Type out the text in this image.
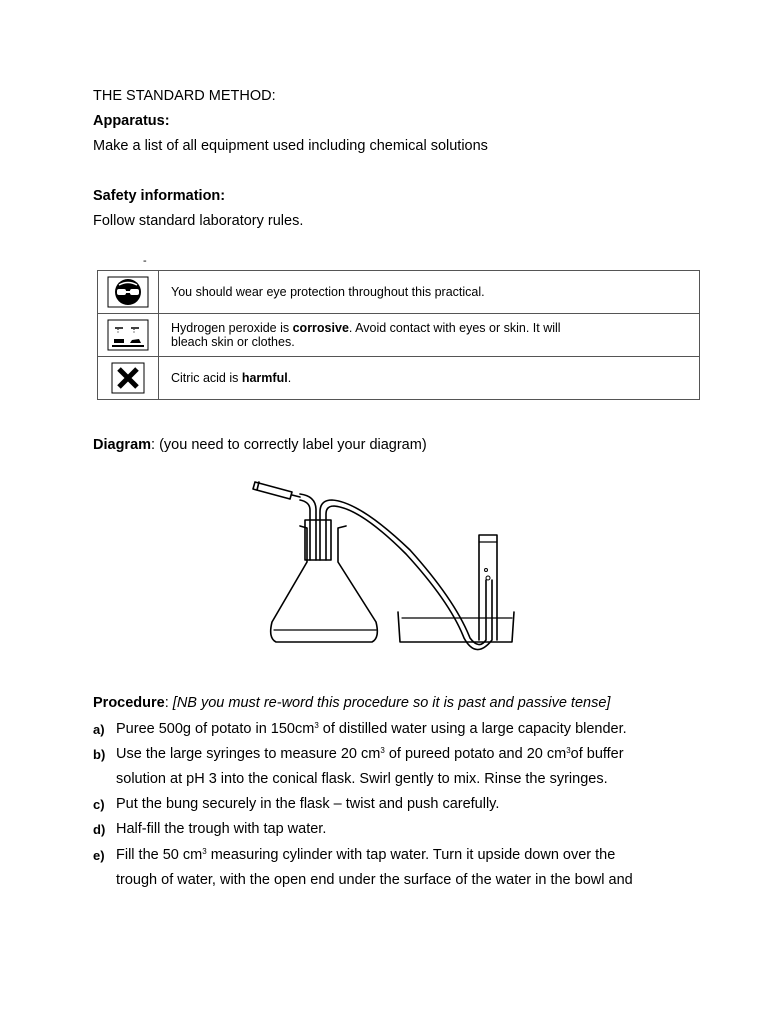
THE STANDARD METHOD:
Apparatus:
Make a list of all equipment used including chemical solutions
Safety information:
Follow standard laboratory rules.
-
	You should wear eye protection throughout this practical.

Hydrogen peroxide is corrosive. Avoid contact with eyes or skin. It will
bleach skin or clothes.

	Citric acid is harmful.
Diagram: (you need to correctly label your diagram)
Procedure: [NB you must re-word this procedure so it is past and passive tense]
a) Puree 500g of potato in $150cm^3$ of distilled water using a large capacity blender.
b) Use the large syringes to measure 20 $cm^3$ of pureed potato and 20 $cm^3of$ buffer
solution at pH 3 into the conical flask. Swirl gently to mix. Rinse the syringes.
c) Put the bung securely in the flask – twist and push carefully.
d) Half-fill the trough with tap water.
e) Fill the 50 $cm^3$ measuring cylinder with tap water. Turn it upside down over the
trough of water, with the open end under the surface of the water in the bowl and
